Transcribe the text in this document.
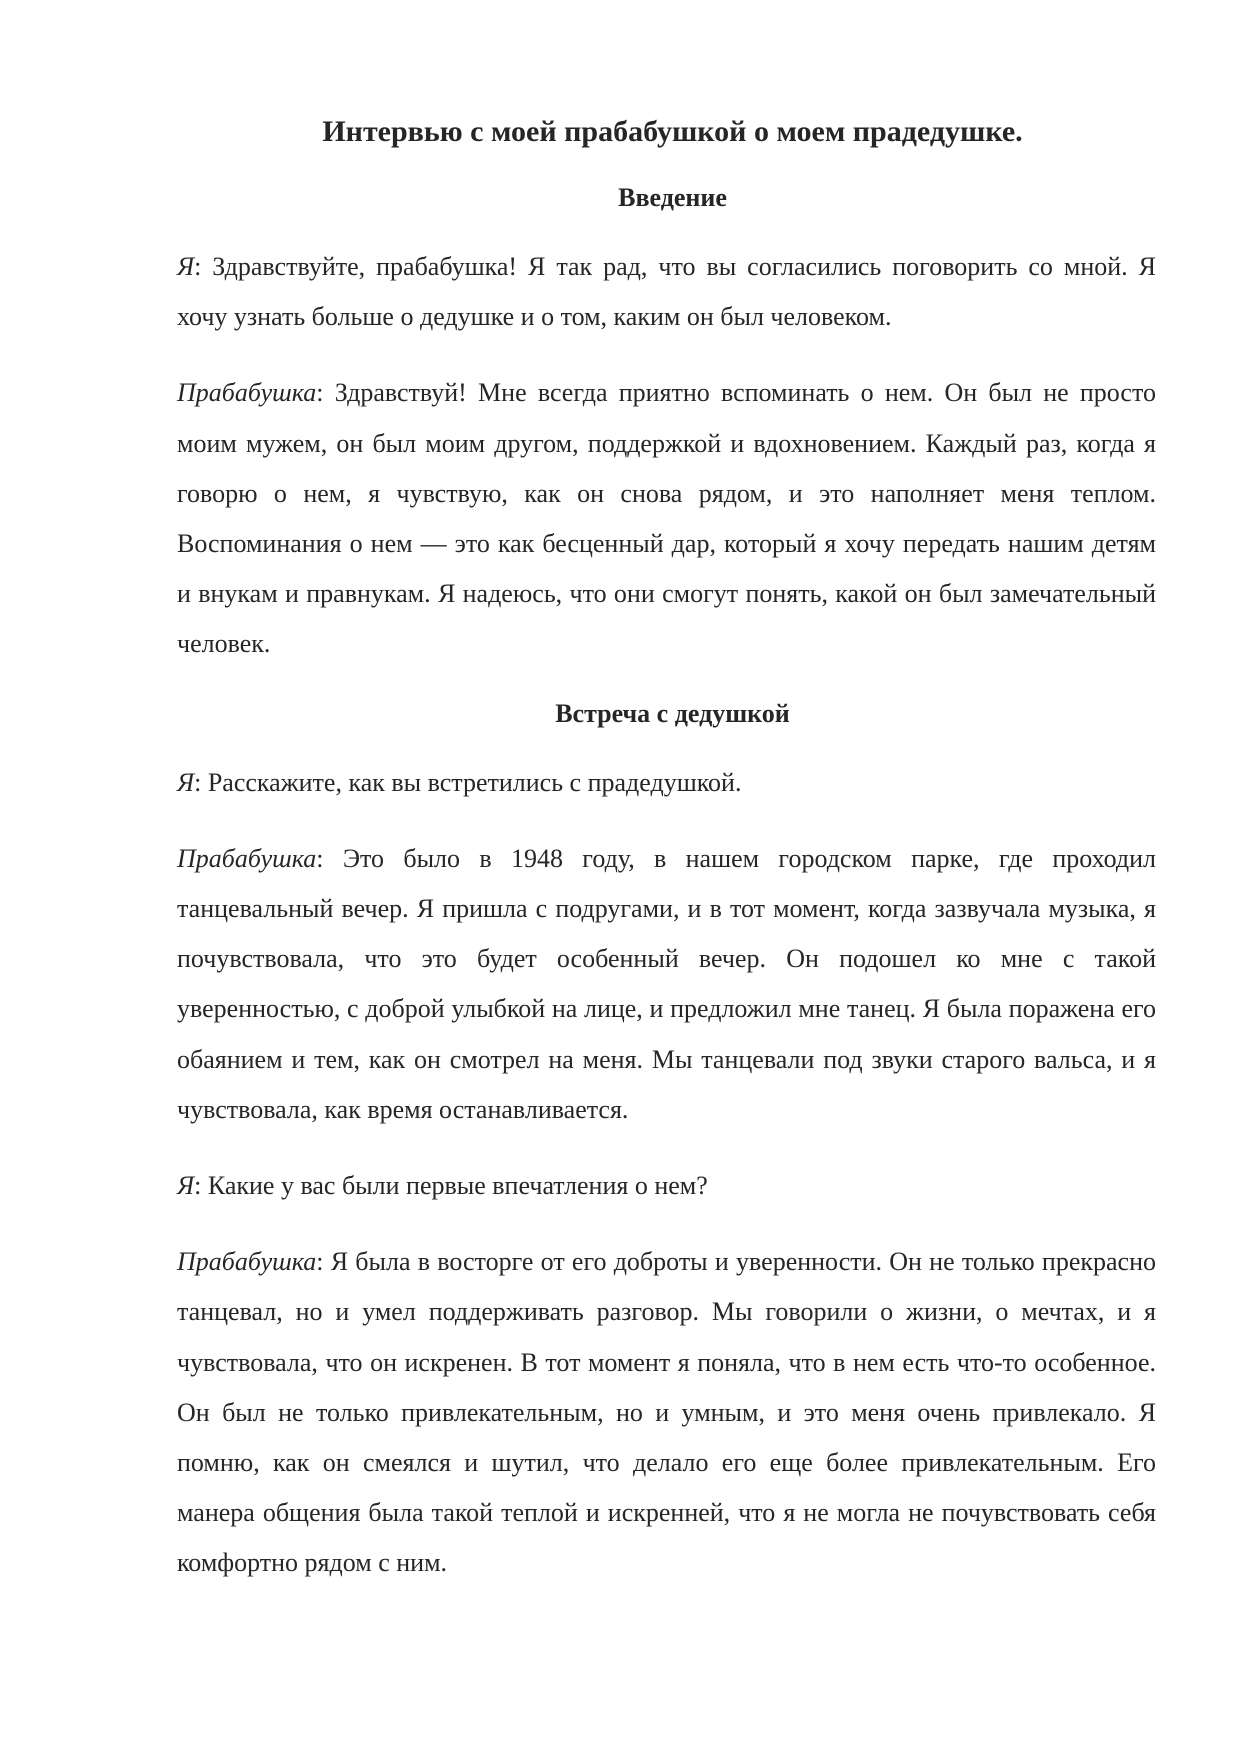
Интервью с моей прабабушкой о моем прадедушке.
Введение

Я: Здравствуйте, прабабушка! Я так рад, что вы согласились поговорить со мной. Я хочу узнать больше о дедушке и о том, каким он был человеком.

Прабабушка: Здравствуй! Мне всегда приятно вспоминать о нем. Он был не просто моим мужем, он был моим другом, поддержкой и вдохновением. Каждый раз, когда я говорю о нем, я чувствую, как он снова рядом, и это наполняет меня теплом. Воспоминания о нем — это как бесценный дар, который я хочу передать нашим детям и внукам и правнукам. Я надеюсь, что они смогут понять, какой он был замечательный человек.

Встреча с дедушкой

Я: Расскажите, как вы встретились с прадедушкой.

Прабабушка: Это было в 1948 году, в нашем городском парке, где проходил танцевальный вечер. Я пришла с подругами, и в тот момент, когда зазвучала музыка, я почувствовала, что это будет особенный вечер. Он подошел ко мне с такой уверенностью, с доброй улыбкой на лице, и предложил мне танец. Я была поражена его обаянием и тем, как он смотрел на меня. Мы танцевали под звуки старого вальса, и я чувствовала, как время останавливается.

Я: Какие у вас были первые впечатления о нем?

Прабабушка: Я была в восторге от его доброты и уверенности. Он не только прекрасно танцевал, но и умел поддерживать разговор. Мы говорили о жизни, о мечтах, и я чувствовала, что он искренен. В тот момент я поняла, что в нем есть что-то особенное. Он был не только привлекательным, но и умным, и это меня очень привлекало. Я помню, как он смеялся и шутил, что делало его еще более привлекательным. Его манера общения была такой теплой и искренней, что я не могла не почувствовать себя комфортно рядом с ним.
